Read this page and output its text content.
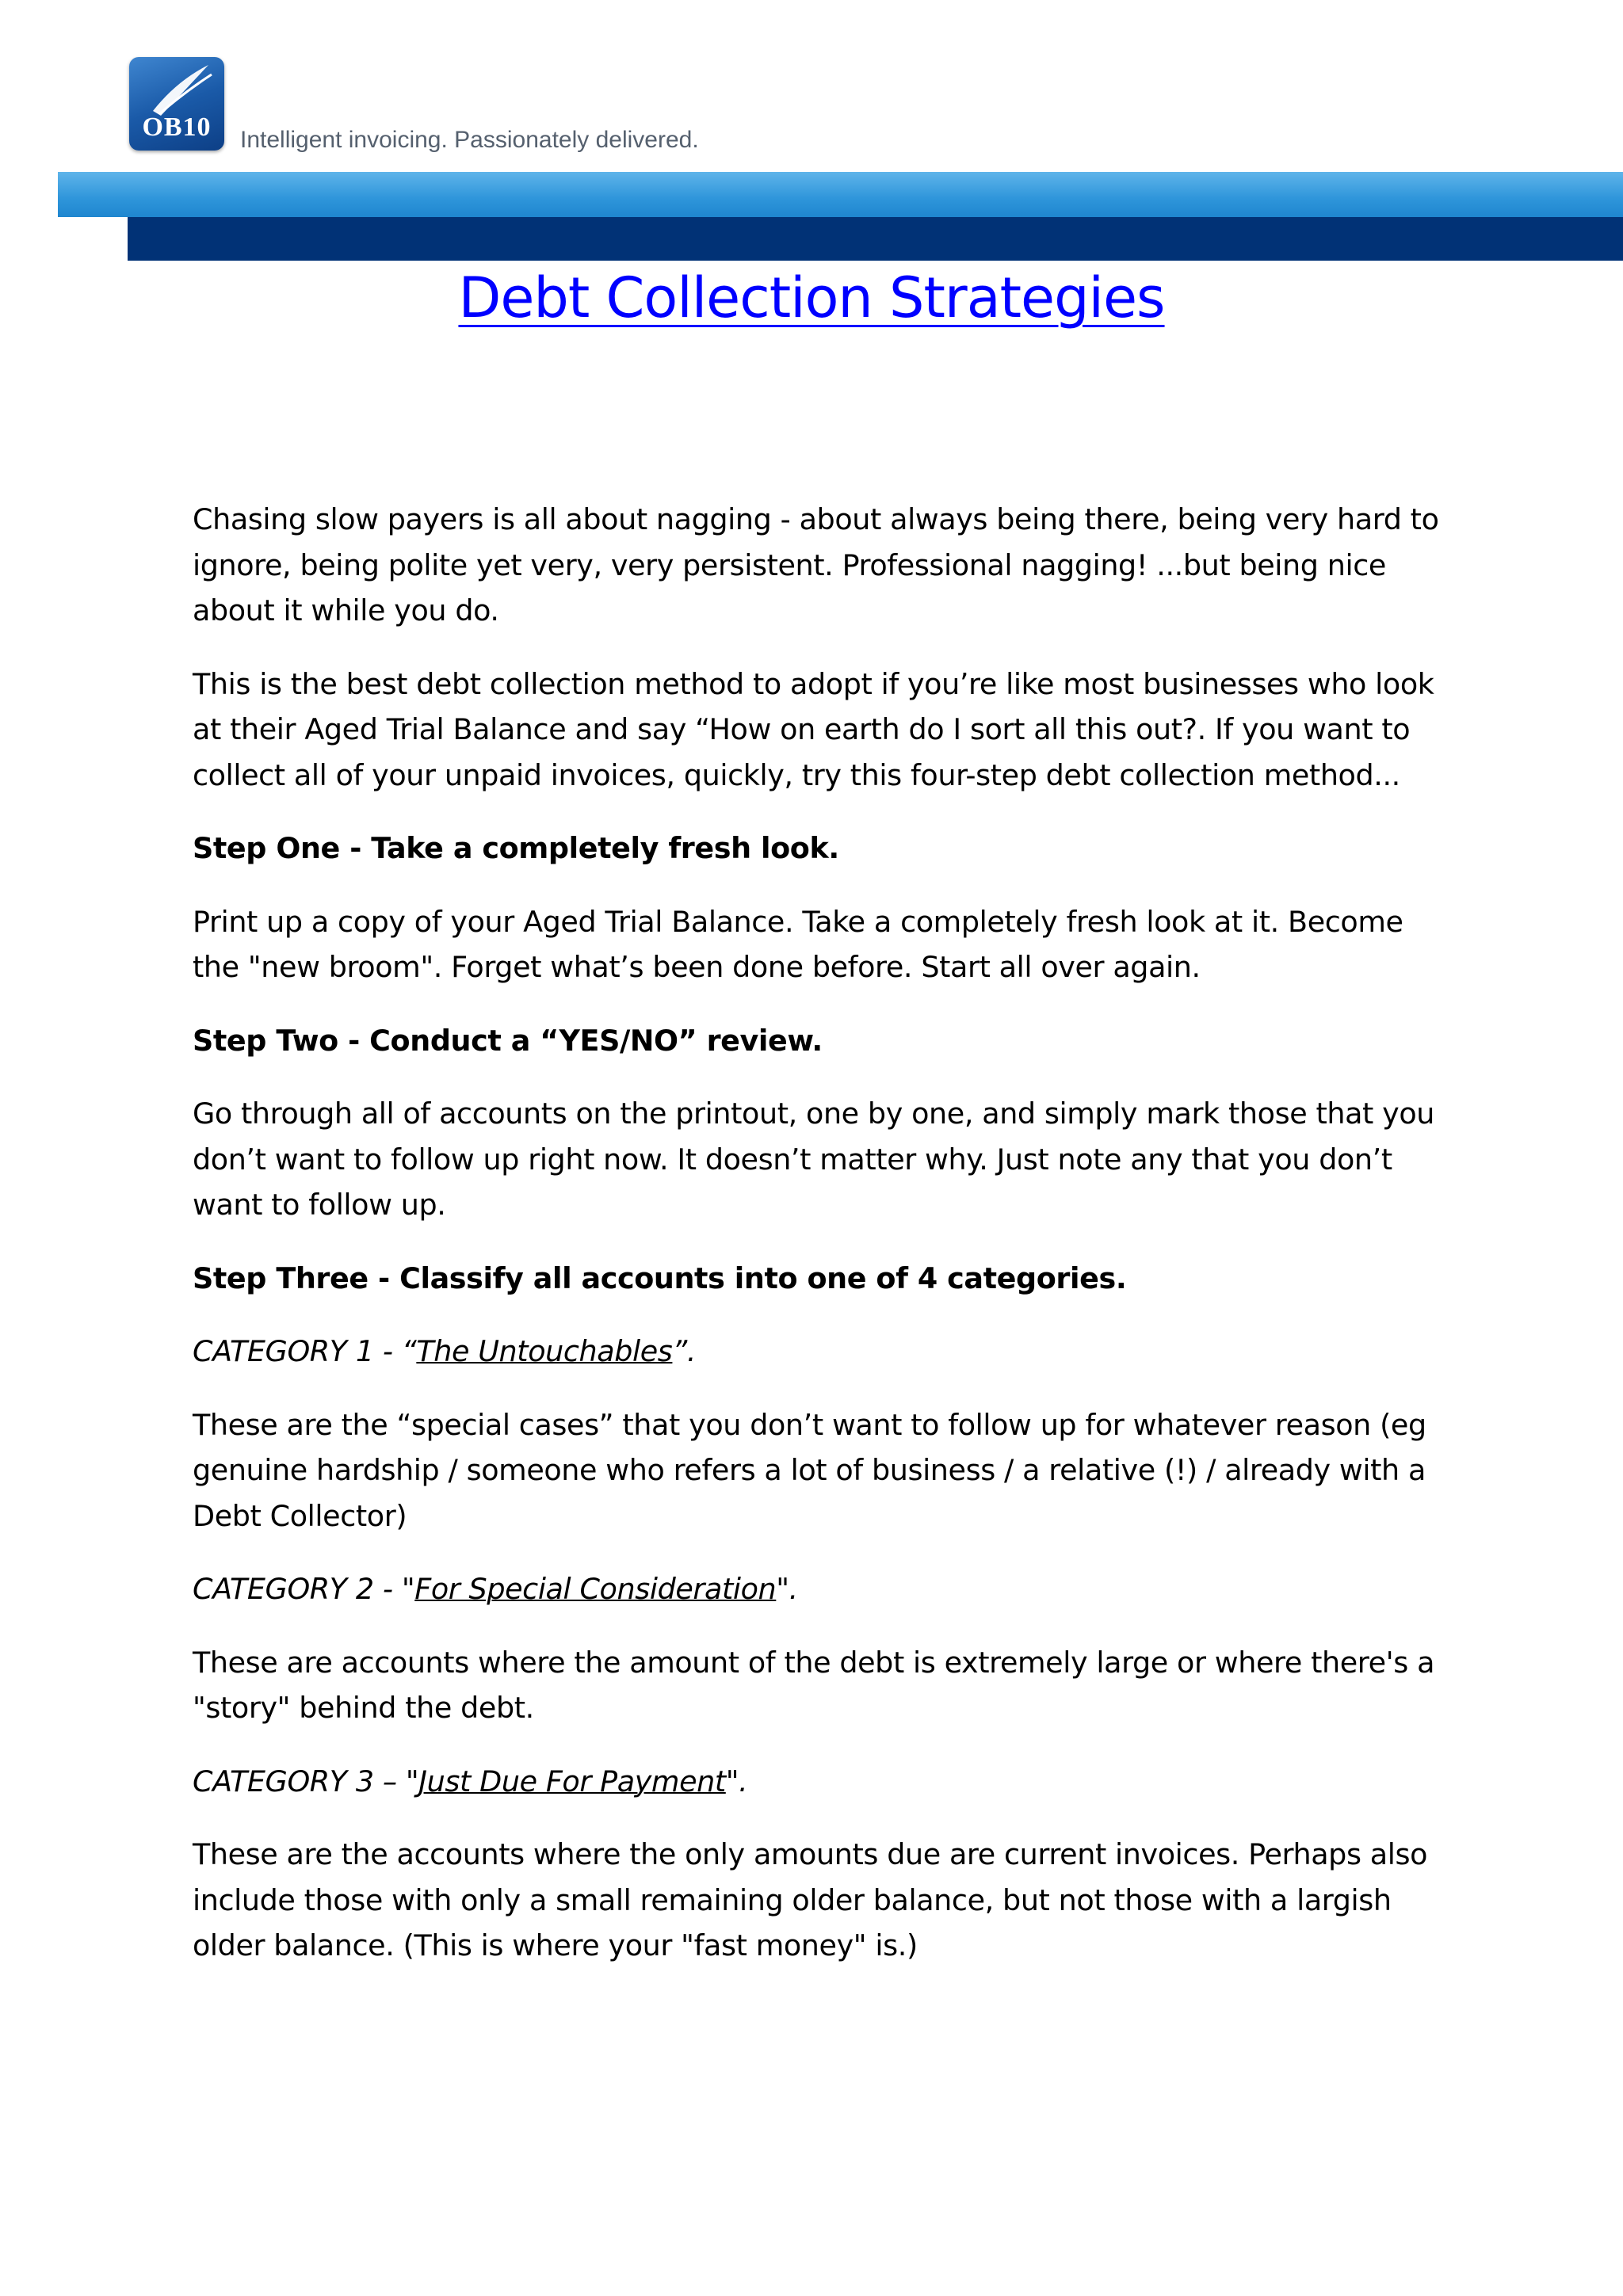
OB10	Intelligent invoicing. Passionately delivered.
Debt Collection Strategies

Chasing slow payers is all about nagging - about always being there, being very hard to ignore, being polite yet very, very persistent. Professional nagging! ...but being nice about it while you do.

This is the best debt collection method to adopt if you’re like most businesses who look at their Aged Trial Balance and say “How on earth do I sort all this out?. If you want to collect all of your unpaid invoices, quickly, try this four-step debt collection method...

Step One - Take a completely fresh look.

Print up a copy of your Aged Trial Balance. Take a completely fresh look at it. Become the "new broom". Forget what’s been done before. Start all over again.

Step Two - Conduct a “YES/NO” review.

Go through all of accounts on the printout, one by one, and simply mark those that you don’t want to follow up right now. It doesn’t matter why. Just note any that you don’t want to follow up.

Step Three - Classify all accounts into one of 4 categories.

CATEGORY 1 - “The Untouchables”.

These are the “special cases” that you don’t want to follow up for whatever reason (eg genuine hardship / someone who refers a lot of business / a relative (!) / already with a Debt Collector)

CATEGORY 2 - "For Special Consideration".

These are accounts where the amount of the debt is extremely large or where there's a "story" behind the debt.

CATEGORY 3 – "Just Due For Payment".

These are the accounts where the only amounts due are current invoices. Perhaps also include those with only a small remaining older balance, but not those with a largish older balance. (This is where your "fast money" is.)
